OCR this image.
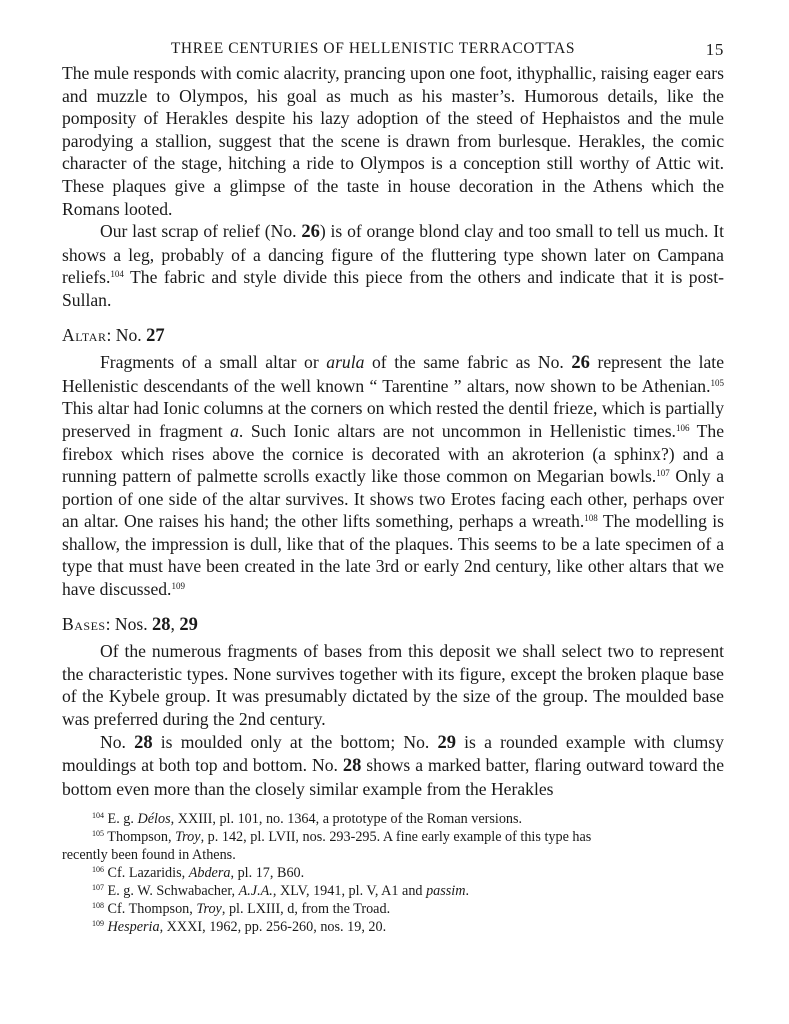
THREE CENTURIES OF HELLENISTIC TERRACOTTAS	15

The mule responds with comic alacrity, prancing upon one foot, ithyphallic, raising eager ears and muzzle to Olympos, his goal as much as his master’s. Humorous details, like the pomposity of Herakles despite his lazy adoption of the steed of Hephaistos and the mule parodying a stallion, suggest that the scene is drawn from burlesque. Herakles, the comic character of the stage, hitching a ride to Olympos is a conception still worthy of Attic wit. These plaques give a glimpse of the taste in house decoration in the Athens which the Romans looted.

Our last scrap of relief (No. 26) is of orange blond clay and too small to tell us much. It shows a leg, probably of a dancing figure of the fluttering type shown later on Campana reliefs.$^{104}$ The fabric and style divide this piece from the others and indicate that it is post-Sullan.

Altar: No. 27

Fragments of a small altar or arula of the same fabric as No. 26 represent the late Hellenistic descendants of the well known “ Tarentine ” altars, now shown to be Athenian.$^{105}$ This altar had Ionic columns at the corners on which rested the dentil frieze, which is partially preserved in fragment a. Such Ionic altars are not uncommon in Hellenistic times.$^{106}$ The firebox which rises above the cornice is decorated with an akroterion (a sphinx?) and a running pattern of palmette scrolls exactly like those common on Megarian bowls.$^{107}$ Only a portion of one side of the altar survives. It shows two Erotes facing each other, perhaps over an altar. One raises his hand; the other lifts something, perhaps a wreath.$^{108}$ The modelling is shallow, the impression is dull, like that of the plaques. This seems to be a late specimen of a type that must have been created in the late 3rd or early 2nd century, like other altars that we have discussed.$^{109}$

Bases: Nos. 28, 29

Of the numerous fragments of bases from this deposit we shall select two to represent the characteristic types. None survives together with its figure, except the broken plaque base of the Kybele group. It was presumably dictated by the size of the group. The moulded base was preferred during the 2nd century.

No. 28 is moulded only at the bottom; No. 29 is a rounded example with clumsy mouldings at both top and bottom. No. 28 shows a marked batter, flaring outward toward the bottom even more than the closely similar example from the Herakles

$^{104}$ E. g. Délos, XXIII, pl. 101, no. 1364, a prototype of the Roman versions.
$^{105}$ Thompson, Troy, p. 142, pl. LVII, nos. 293-295. A fine early example of this type has
recently been found in Athens.
$^{106}$ Cf. Lazaridis, Abdera, pl. 17, B60.
$^{107}$ E. g. W. Schwabacher, A.J.A., XLV, 1941, pl. V, A1 and passim.
$^{108}$ Cf. Thompson, Troy, pl. LXIII, d, from the Troad.
$^{109}$ Hesperia, XXXI, 1962, pp. 256-260, nos. 19, 20.
